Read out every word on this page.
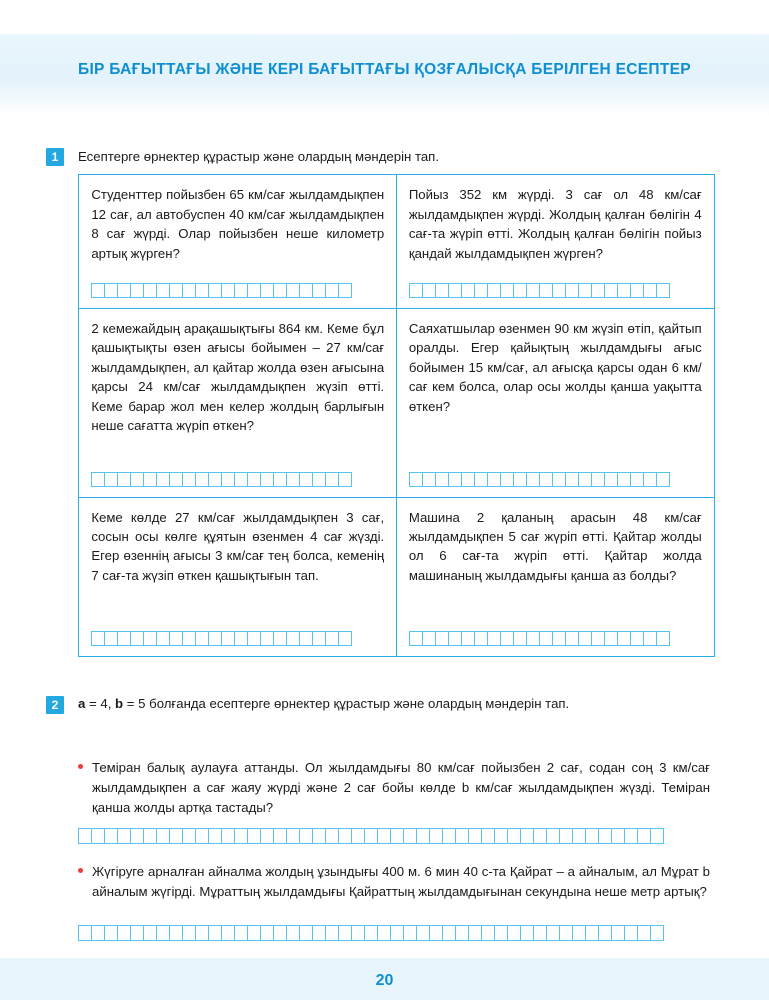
БІР БАҒЫТТАҒЫ ЖӘНЕ КЕРІ БАҒЫТТАҒЫ ҚОЗҒАЛЫСҚА БЕРІЛГЕН ЕСЕПТЕР
1	Есептерге өрнектер құрастыр және олардың мәндерін тап.

Студенттер пойызбен 65 км/сағ жылдамдықпен 12 сағ, ал автобуспен 40 км/сағ жылдамдықпен 8 сағ жүрді. Олар пойызбен неше километр артық жүрген?

Пойыз 352 км жүрді. 3 сағ ол 48 км/сағ жылдамдықпен жүрді. Жолдың қалған бөлігін 4 сағ-та жүріп өтті. Жолдың қалған бөлігін пойыз қандай жылдамдықпен жүрген?

2 кемежайдың арақашықтығы 864 км. Кеме бұл қашықтықты өзен ағысы бойымен – 27 км/сағ жылдамдықпен, ал қайтар жолда өзен ағысына қарсы 24 км/сағ жылдамдықпен жүзіп өтті. Кеме барар жол мен келер жолдың барлығын неше сағатта жүріп өткен?

Саяхатшылар өзенмен 90 км жүзіп өтіп, қайтып оралды. Егер қайықтың жылдамдығы ағыс бойымен 15 км/сағ, ал ағысқа қарсы одан 6 км/сағ кем болса, олар осы жолды қанша уақытта өткен?

Кеме көлде 27 км/сағ жылдамдықпен 3 сағ, сосын осы көлге құятын өзенмен 4 сағ жүзді. Егер өзеннің ағысы 3 км/сағ тең болса, кеменің 7 сағ-та жүзіп өткен қашықтығын тап.

Машина 2 қаланың арасын 48 км/сағ жылдамдықпен 5 сағ жүріп өтті. Қайтар жолды ол 6 сағ-та жүріп өтті. Қайтар жолда машинаның жылдамдығы қанша аз болды?

2	a = 4, b = 5 болғанда есептерге өрнектер құрастыр және олардың мәндерін тап.
Теміран балық аулауға аттанды. Ол жылдамдығы 80 км/сағ пойызбен 2 сағ, содан соң 3 км/сағ жылдамдықпен a сағ жаяу жүрді және 2 сағ бойы көлде b км/сағ жылдамдықпен жүзді. Теміран қанша жолды артқа тастады?
Жүгіруге арналған айналма жолдың ұзындығы 400 м. 6 мин 40 с-та Қайрат – a айналым, ал Мұрат b айналым жүгірді. Мұраттың жылдамдығы Қайраттың жылдамдығынан секундына неше метр артық?
20
